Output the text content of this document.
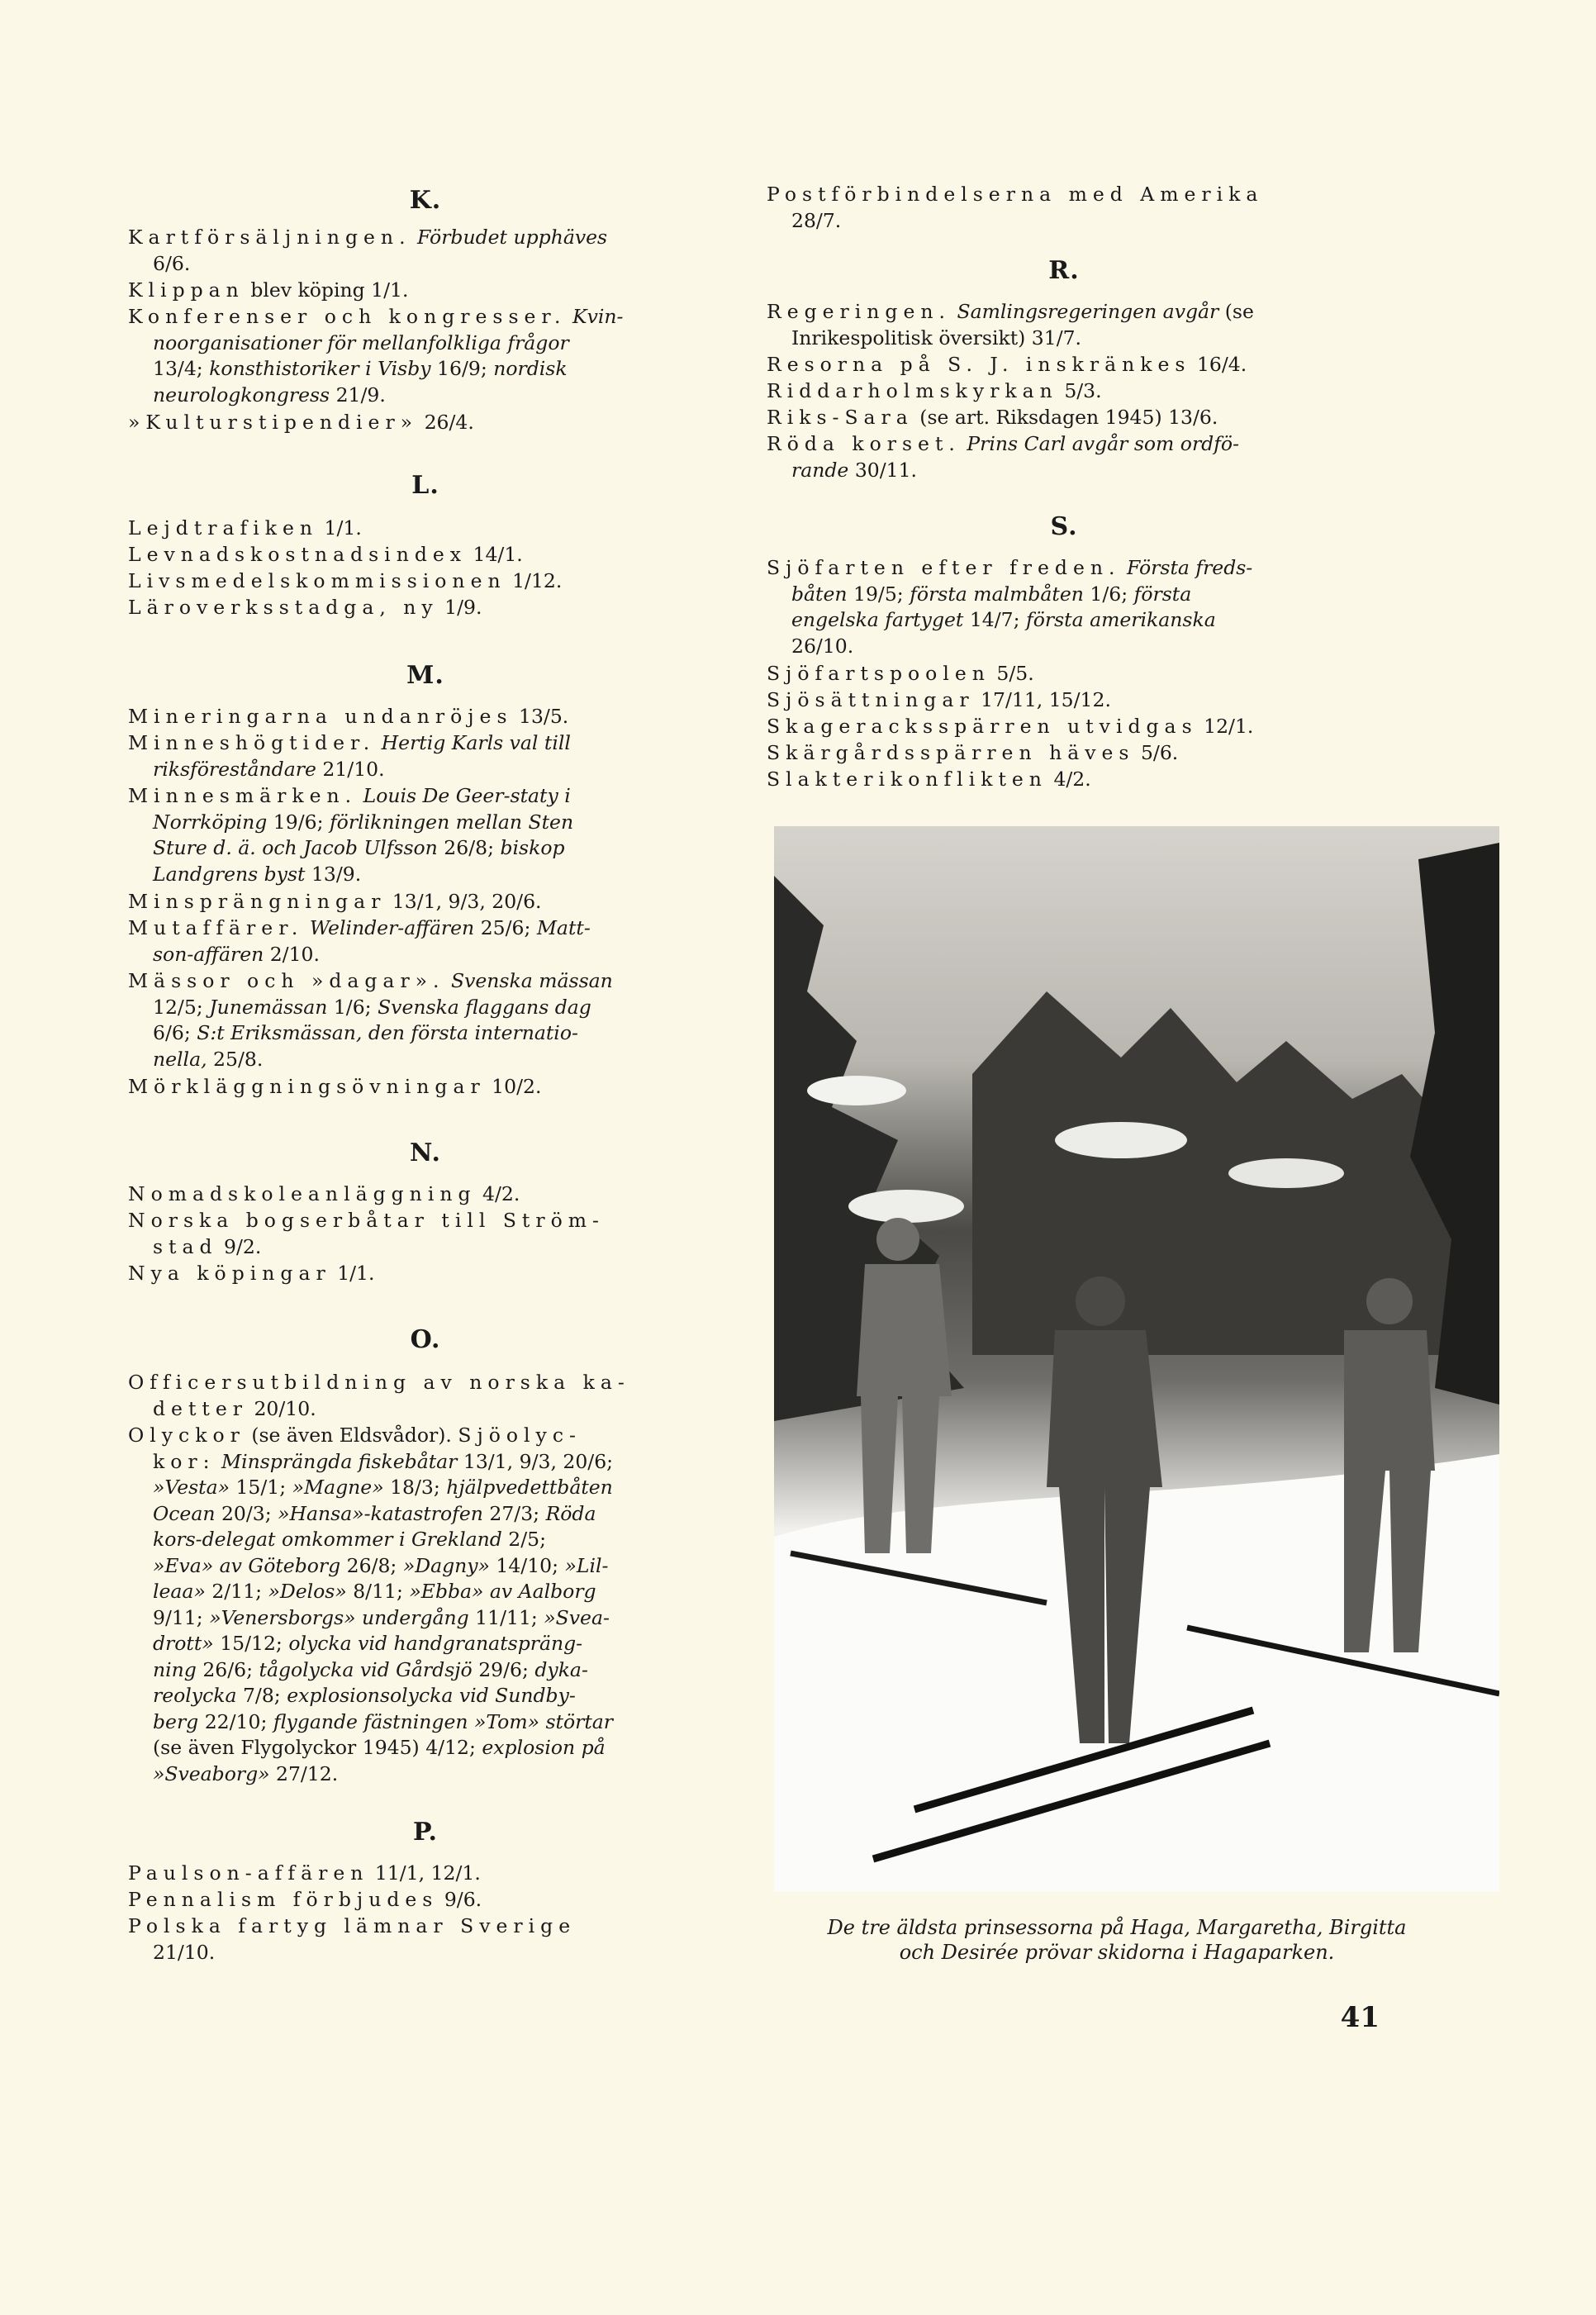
K.
Kartförsäljningen. Förbudet upphäves
6/6.
Klippan blev köping 1/1.
Konferenser och kongresser. Kvin-
noorganisationer för mellanfolkliga frågor
13/4; konsthistoriker i Visby 16/9; nordisk
neurologkongress 21/9.
»Kulturstipendier» 26/4.
L.
Lejdtrafiken 1/1.
Levnadskostnadsindex 14/1.
Livsmedelskommissionen 1/12.
Läroverksstadga, ny 1/9.
M.
Mineringarna undanröjes 13/5.
Minneshögtider. Hertig Karls val till
riksföreståndare 21/10.
Minnesmärken. Louis De Geer-staty i
Norrköping 19/6; förlikningen mellan Sten
Sture d. ä. och Jacob Ulfsson 26/8; biskop
Landgrens byst 13/9.
Minsprängningar 13/1, 9/3, 20/6.
Mutaffärer. Welinder-affären 25/6; Matt-
son-affären 2/10.
Mässor och »dagar». Svenska mässan
12/5; Junemässan 1/6; Svenska flaggans dag
6/6; S:t Eriksmässan, den första internatio-
nella, 25/8.
Mörkläggningsövningar 10/2.
N.
Nomadskoleanläggning 4/2.
Norska bogserbåtar till Ström-
stad 9/2.
Nya köpingar 1/1.
O.
Officersutbildning av norska ka-
detter 20/10.
Olyckor (se även Eldsvådor). Sjöolyc-
kor: Minsprängda fiskebåtar 13/1, 9/3, 20/6;
»Vesta» 15/1; »Magne» 18/3; hjälpvedettbåten
Ocean 20/3; »Hansa»-katastrofen 27/3; Röda
kors-delegat omkommer i Grekland 2/5;
»Eva» av Göteborg 26/8; »Dagny» 14/10; »Lil-
leaa» 2/11; »Delos» 8/11; »Ebba» av Aalborg
9/11; »Venersborgs» undergång 11/11; »Svea-
drott» 15/12; olycka vid handgranatspräng-
ning 26/6; tågolycka vid Gårdsjö 29/6; dyka-
reolycka 7/8; explosionsolycka vid Sundby-
berg 22/10; flygande fästningen »Tom» störtar
(se även Flygolyckor 1945) 4/12; explosion på
»Sveaborg» 27/12.
P.
Paulson-affären 11/1, 12/1.
Pennalism förbjudes 9/6.
Polska fartyg lämnar Sverige
21/10.
Postförbindelserna med Amerika
28/7.
R.
Regeringen. Samlingsregeringen avgår (se
Inrikespolitisk översikt) 31/7.
Resorna på S. J. inskränkes 16/4.
Riddarholmskyrkan 5/3.
Riks-Sara (se art. Riksdagen 1945) 13/6.
Röda korset. Prins Carl avgår som ordfö-
rande 30/11.
S.
Sjöfarten efter freden. Första freds-
båten 19/5; första malmbåten 1/6; första
engelska fartyget 14/7; första amerikanska
26/10.
Sjöfartspoolen 5/5.
Sjösättningar 17/11, 15/12.
Skageracksspärren utvidgas 12/1.
Skärgårdsspärren häves 5/6.
Slakterikonflikten 4/2.
De tre äldsta prinsessorna på Haga, Margaretha, Birgitta
och Desirée prövar skidorna i Hagaparken.
41
